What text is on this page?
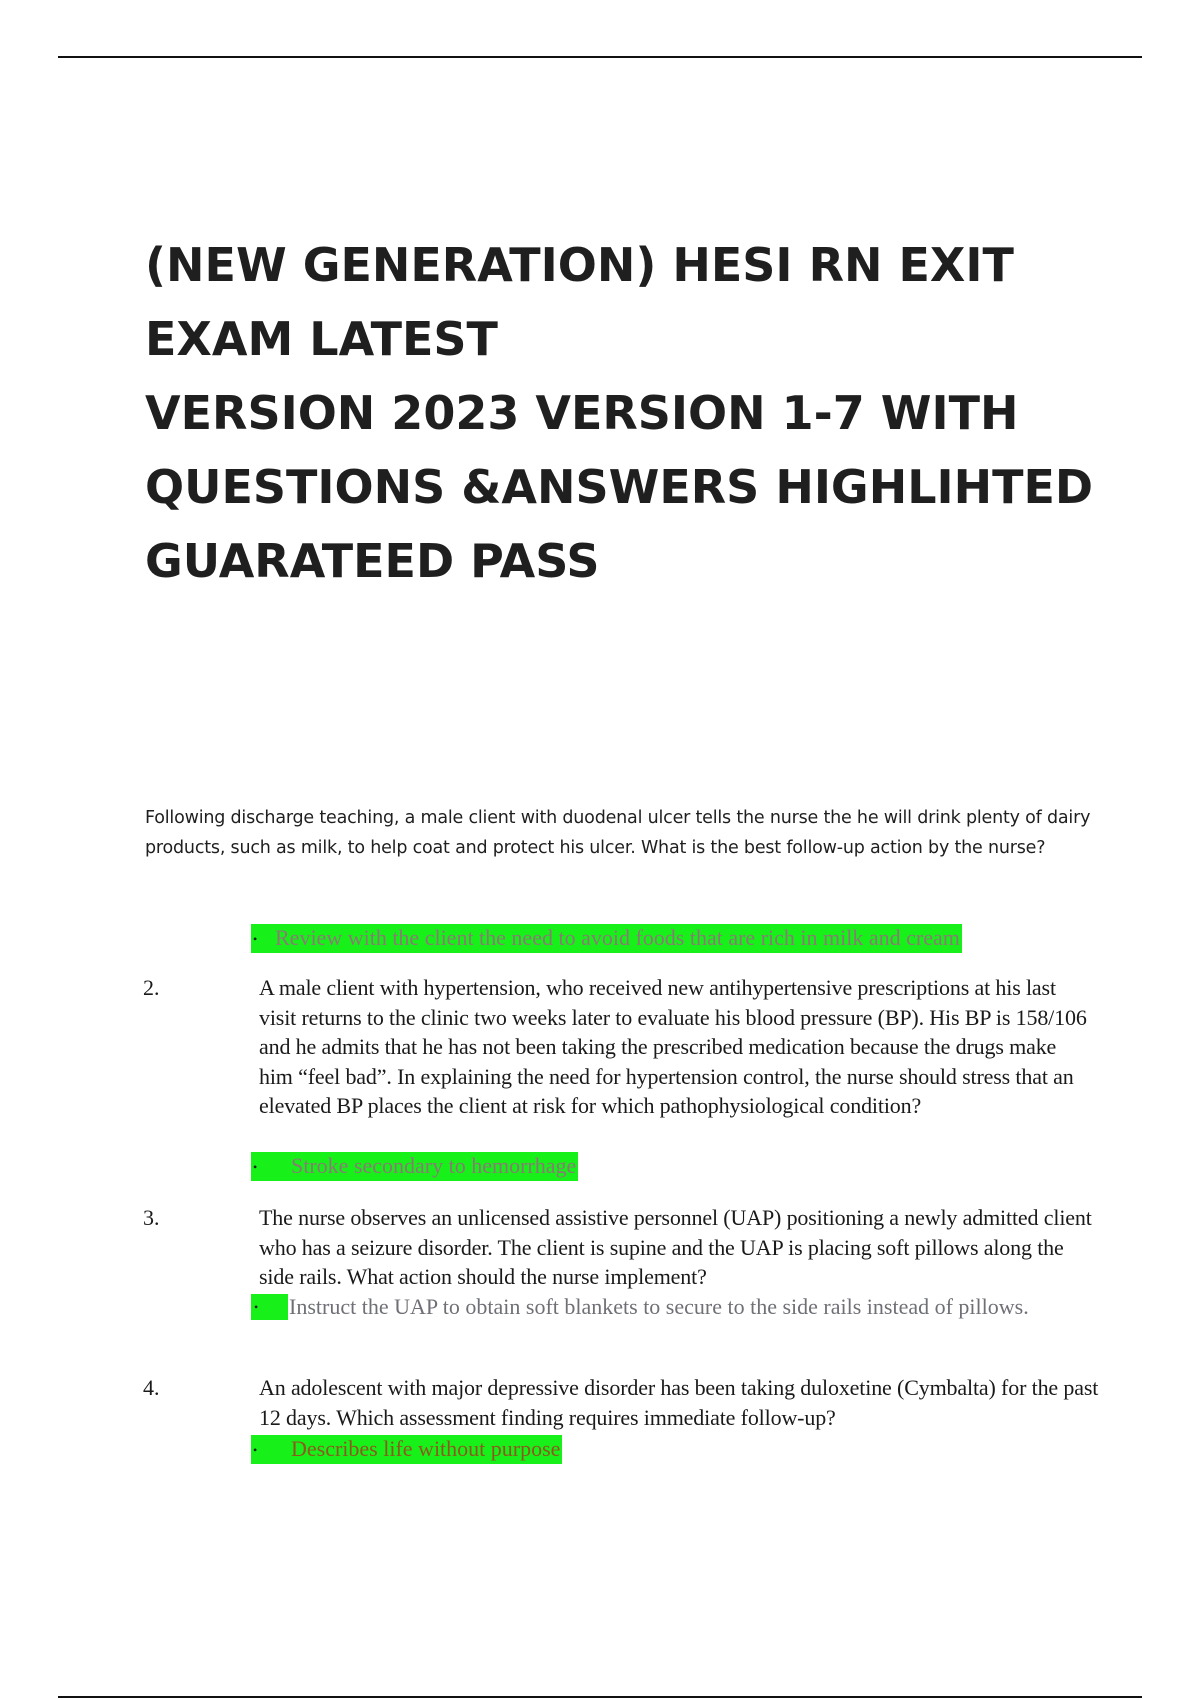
(NEW GENERATION) HESI RN EXIT
EXAM LATEST
VERSION 2023 VERSION 1-7 WITH
QUESTIONS &ANSWERS HIGHLIHTED
GUARATEED PASS

Following discharge teaching, a male client with duodenal ulcer tells the nurse the he will drink plenty of dairy products, such as milk, to help coat and protect his ulcer. What is the best follow-up action by the nurse?

• Review with the client the need to avoid foods that are rich in milk and cream
2.	A male client with hypertension, who received new antihypertensive prescriptions at his last visit returns to the clinic two weeks later to evaluate his blood pressure (BP). His BP is 158/106 and he admits that he has not been taking the prescribed medication because the drugs make him “feel bad”. In explaining the need for hypertension control, the nurse should stress that an elevated BP places the client at risk for which pathophysiological condition?
• Stroke secondary to hemorrhage
3.	The nurse observes an unlicensed assistive personnel (UAP) positioning a newly admitted client who has a seizure disorder. The client is supine and the UAP is placing soft pillows along the side rails. What action should the nurse implement?
• Instruct the UAP to obtain soft blankets to secure to the side rails instead of pillows.
4.	An adolescent with major depressive disorder has been taking duloxetine (Cymbalta) for the past 12 days. Which assessment finding requires immediate follow-up?
• Describes life without purpose
